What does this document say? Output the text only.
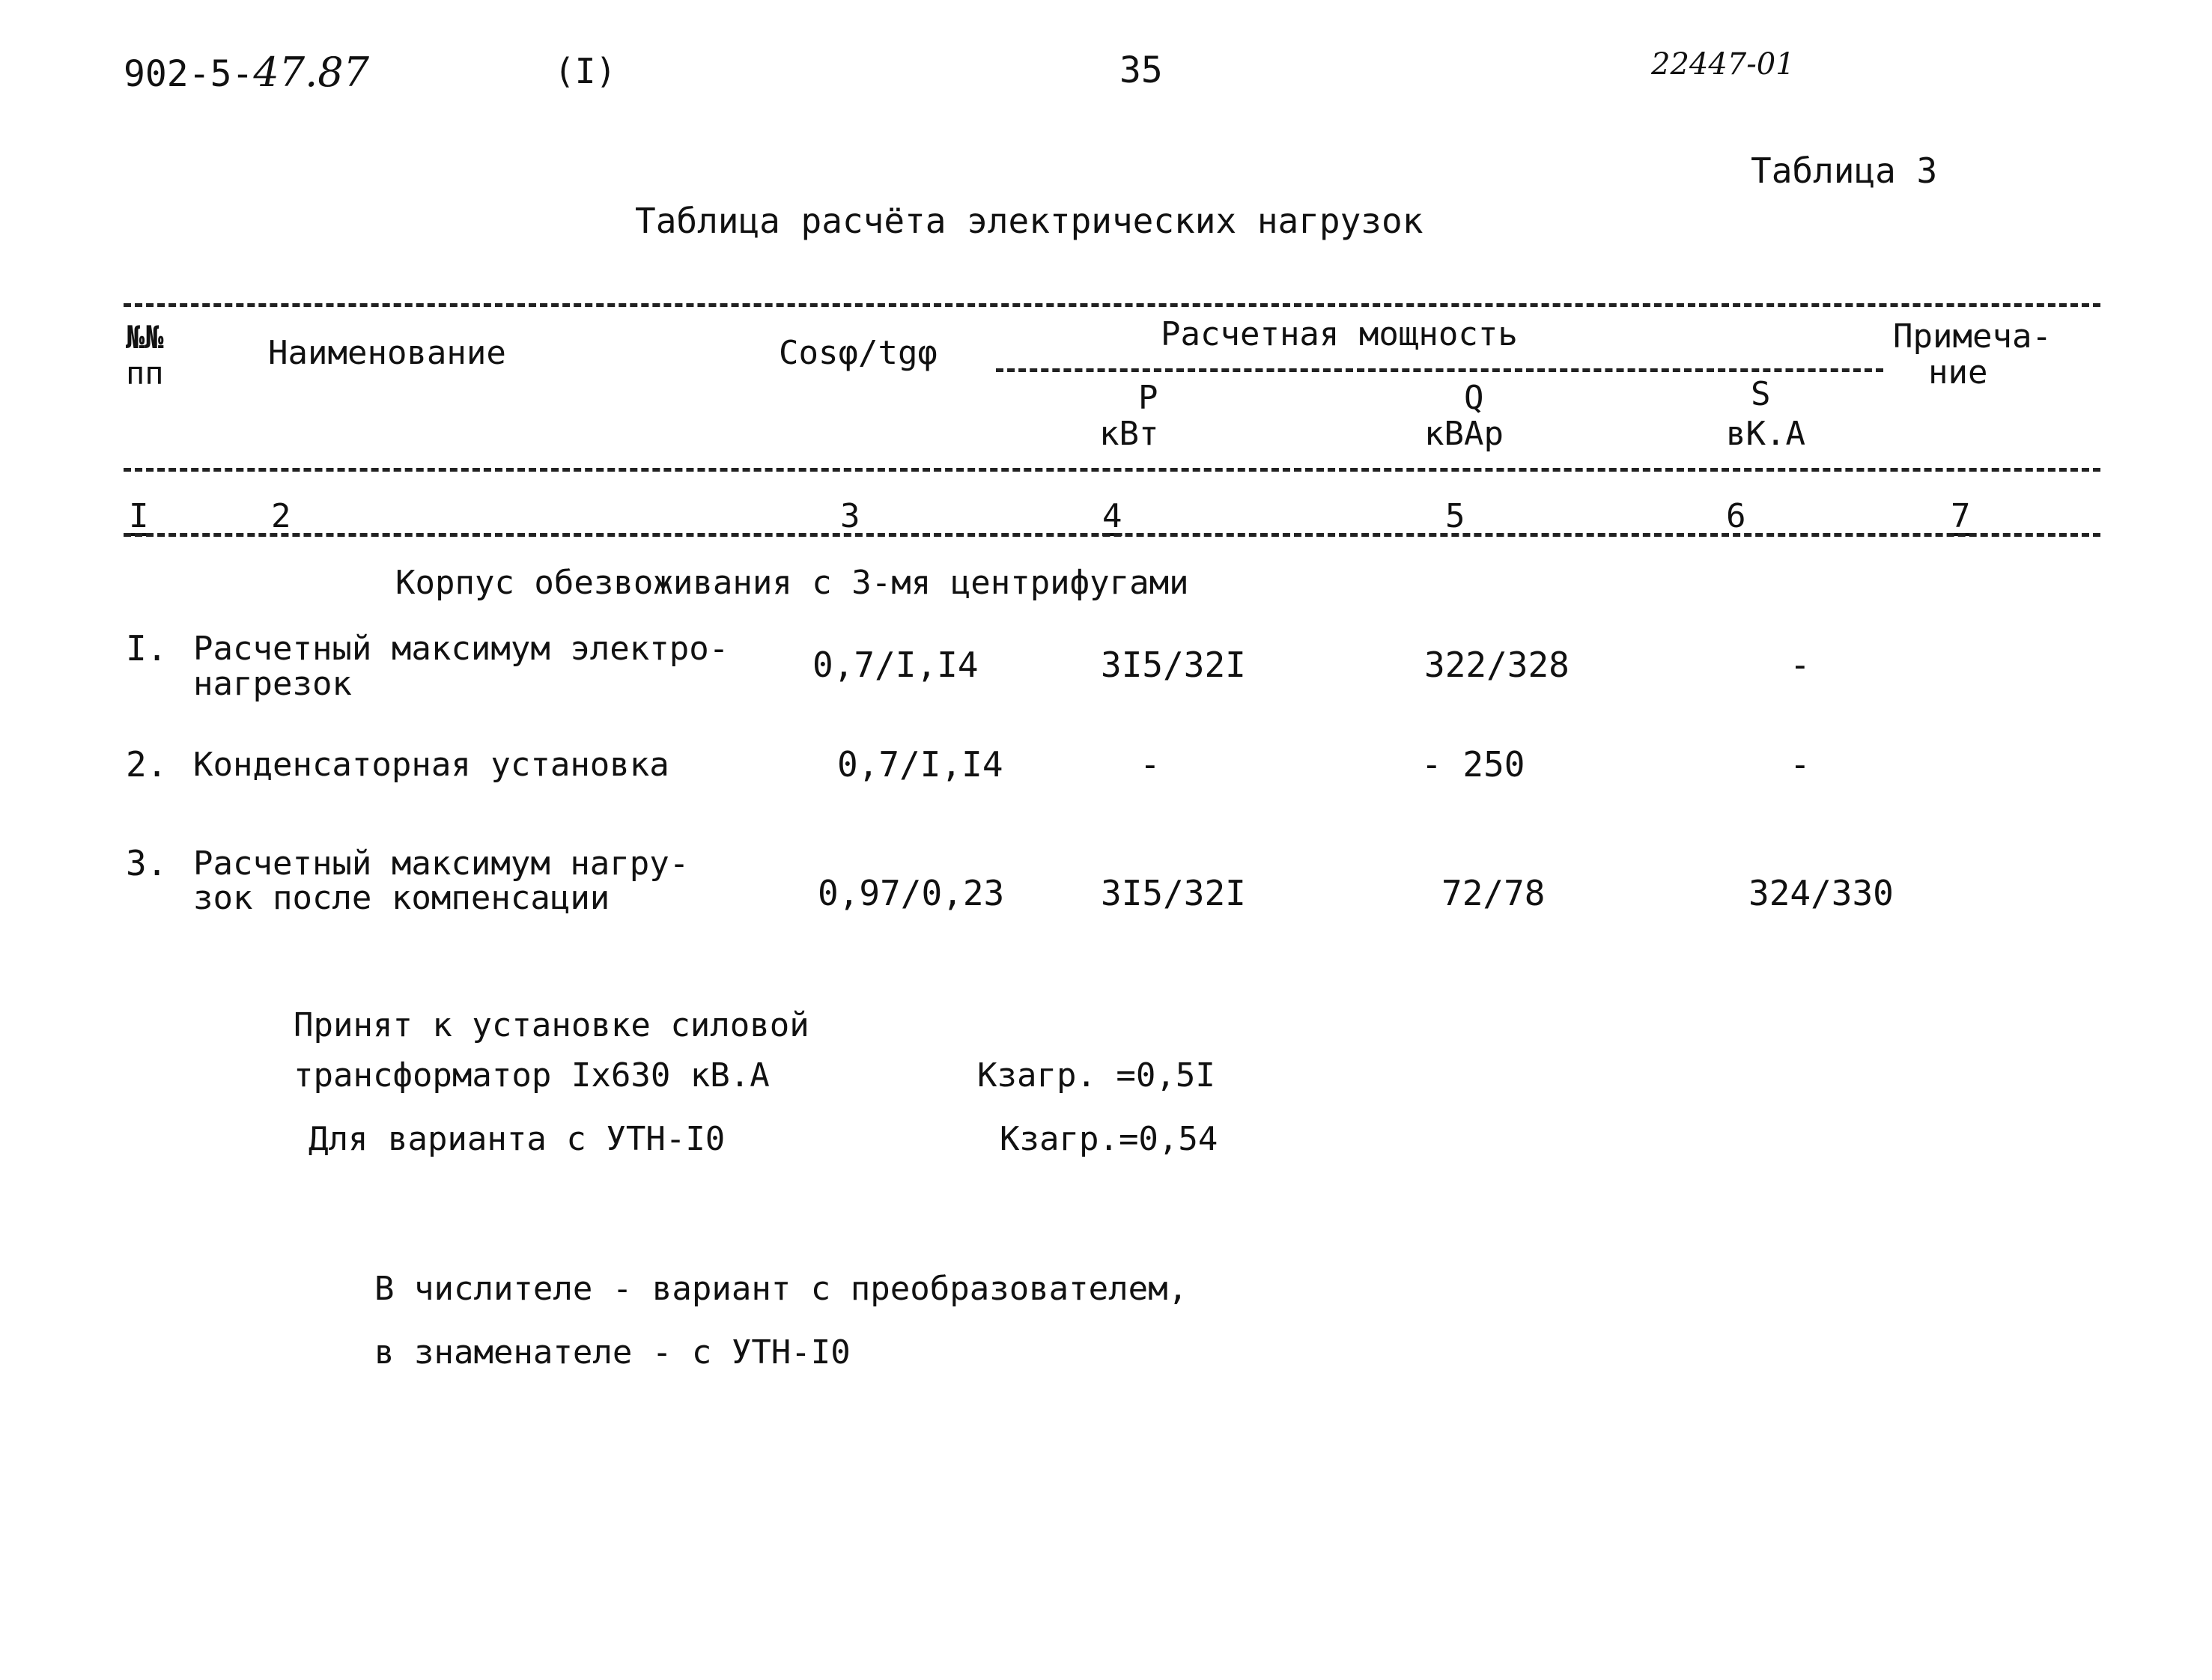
902-5-47.87	(I)	35	22447-01
Таблица 3
Таблица расчёта электрических нагрузок
№№
пп
Наименование	Cosφ/tgφ	Расчетная мощность	Примеча-
ние
P
кВт
Q
кВАр
S
вК.А
I	2	3	4	5	6	7
Корпус обезвоживания с 3-мя центрифугами
I. Расчетный максимум электро-
нагрезок	0,7/I,I4	3I5/32I	322/328	-
2. Конденсаторная установка	0,7/I,I4	-	- 250	-
3. Расчетный максимум нагру-
зок после компенсации	0,97/0,23	3I5/32I	72/78	324/330
Принят к установке силовой
трансформатор Iх630 кВ.А	Кзагр. =0,5I
Для варианта с УТН-I0	Кзагр.=0,54
В числителе - вариант с преобразователем,
в знаменателе - с УТН-I0
